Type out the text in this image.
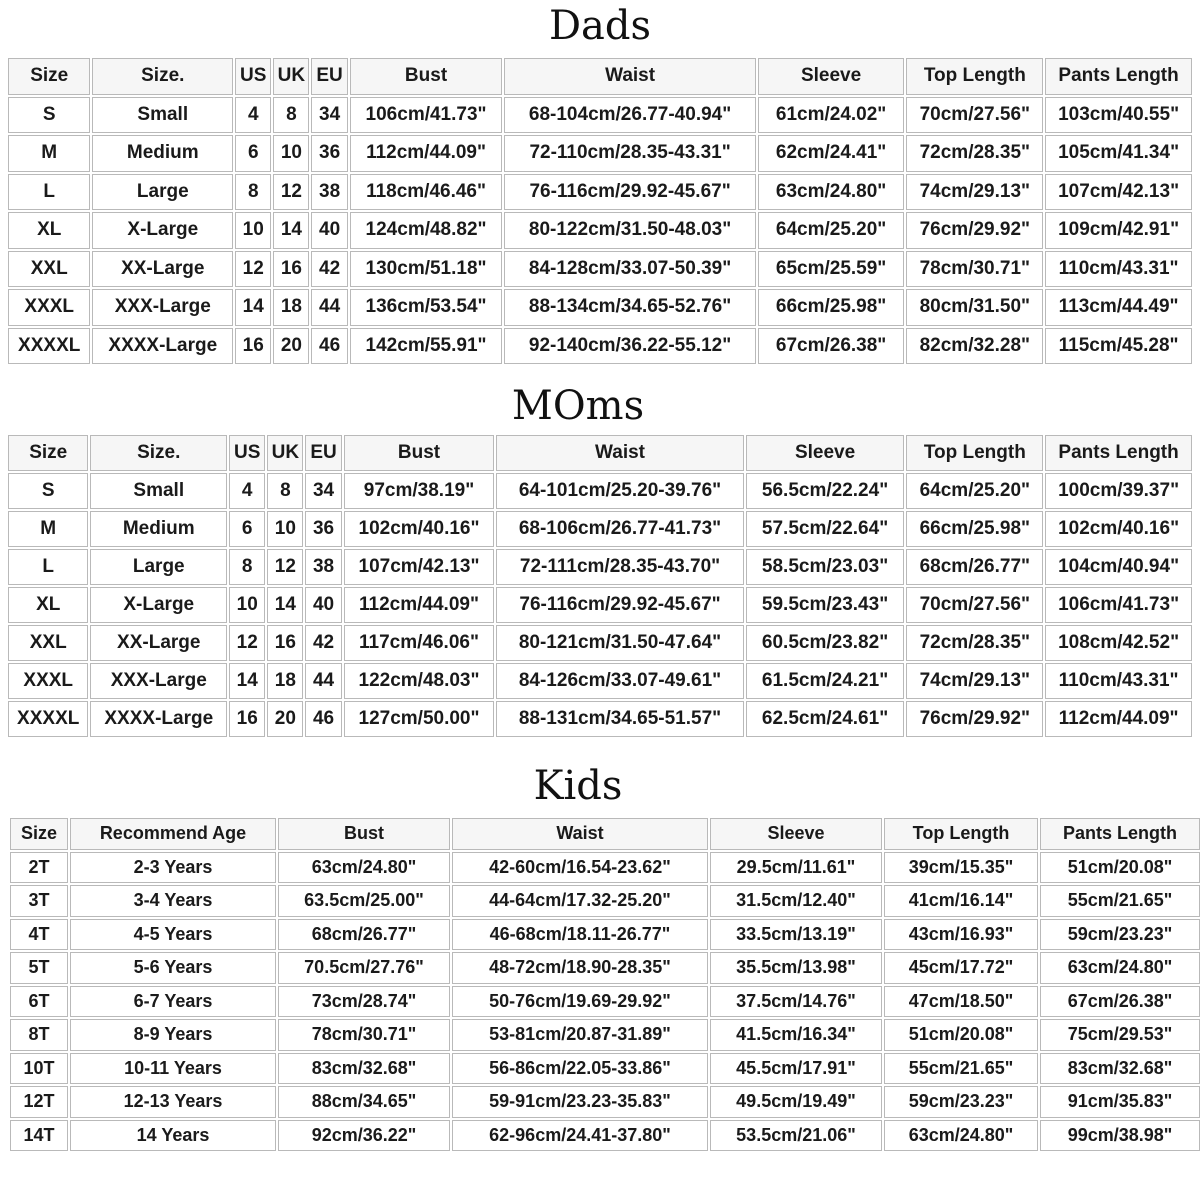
Dads
Size	Size.	US	UK	EU	Bust	Waist	Sleeve	Top Length	Pants Length
S	Small	4	8	34	106cm/41.73"	68-104cm/26.77-40.94"	61cm/24.02"	70cm/27.56"	103cm/40.55"
M	Medium	6	10	36	112cm/44.09"	72-110cm/28.35-43.31"	62cm/24.41"	72cm/28.35"	105cm/41.34"
L	Large	8	12	38	118cm/46.46"	76-116cm/29.92-45.67"	63cm/24.80"	74cm/29.13"	107cm/42.13"
XL	X-Large	10	14	40	124cm/48.82"	80-122cm/31.50-48.03"	64cm/25.20"	76cm/29.92"	109cm/42.91"
XXL	XX-Large	12	16	42	130cm/51.18"	84-128cm/33.07-50.39"	65cm/25.59"	78cm/30.71"	110cm/43.31"
XXXL	XXX-Large	14	18	44	136cm/53.54"	88-134cm/34.65-52.76"	66cm/25.98"	80cm/31.50"	113cm/44.49"
XXXXL	XXXX-Large	16	20	46	142cm/55.91"	92-140cm/36.22-55.12"	67cm/26.38"	82cm/32.28"	115cm/45.28"
MOms
Size	Size.	US	UK	EU	Bust	Waist	Sleeve	Top Length	Pants Length
S	Small	4	8	34	97cm/38.19"	64-101cm/25.20-39.76"	56.5cm/22.24"	64cm/25.20"	100cm/39.37"
M	Medium	6	10	36	102cm/40.16"	68-106cm/26.77-41.73"	57.5cm/22.64"	66cm/25.98"	102cm/40.16"
L	Large	8	12	38	107cm/42.13"	72-111cm/28.35-43.70"	58.5cm/23.03"	68cm/26.77"	104cm/40.94"
XL	X-Large	10	14	40	112cm/44.09"	76-116cm/29.92-45.67"	59.5cm/23.43"	70cm/27.56"	106cm/41.73"
XXL	XX-Large	12	16	42	117cm/46.06"	80-121cm/31.50-47.64"	60.5cm/23.82"	72cm/28.35"	108cm/42.52"
XXXL	XXX-Large	14	18	44	122cm/48.03"	84-126cm/33.07-49.61"	61.5cm/24.21"	74cm/29.13"	110cm/43.31"
XXXXL	XXXX-Large	16	20	46	127cm/50.00"	88-131cm/34.65-51.57"	62.5cm/24.61"	76cm/29.92"	112cm/44.09"
Kids
Size	Recommend Age	Bust	Waist	Sleeve	Top Length	Pants Length
2T	2-3 Years	63cm/24.80"	42-60cm/16.54-23.62"	29.5cm/11.61"	39cm/15.35"	51cm/20.08"
3T	3-4 Years	63.5cm/25.00"	44-64cm/17.32-25.20"	31.5cm/12.40"	41cm/16.14"	55cm/21.65"
4T	4-5 Years	68cm/26.77"	46-68cm/18.11-26.77"	33.5cm/13.19"	43cm/16.93"	59cm/23.23"
5T	5-6 Years	70.5cm/27.76"	48-72cm/18.90-28.35"	35.5cm/13.98"	45cm/17.72"	63cm/24.80"
6T	6-7 Years	73cm/28.74"	50-76cm/19.69-29.92"	37.5cm/14.76"	47cm/18.50"	67cm/26.38"
8T	8-9 Years	78cm/30.71"	53-81cm/20.87-31.89"	41.5cm/16.34"	51cm/20.08"	75cm/29.53"
10T	10-11 Years	83cm/32.68"	56-86cm/22.05-33.86"	45.5cm/17.91"	55cm/21.65"	83cm/32.68"
12T	12-13 Years	88cm/34.65"	59-91cm/23.23-35.83"	49.5cm/19.49"	59cm/23.23"	91cm/35.83"
14T	14 Years	92cm/36.22"	62-96cm/24.41-37.80"	53.5cm/21.06"	63cm/24.80"	99cm/38.98"
